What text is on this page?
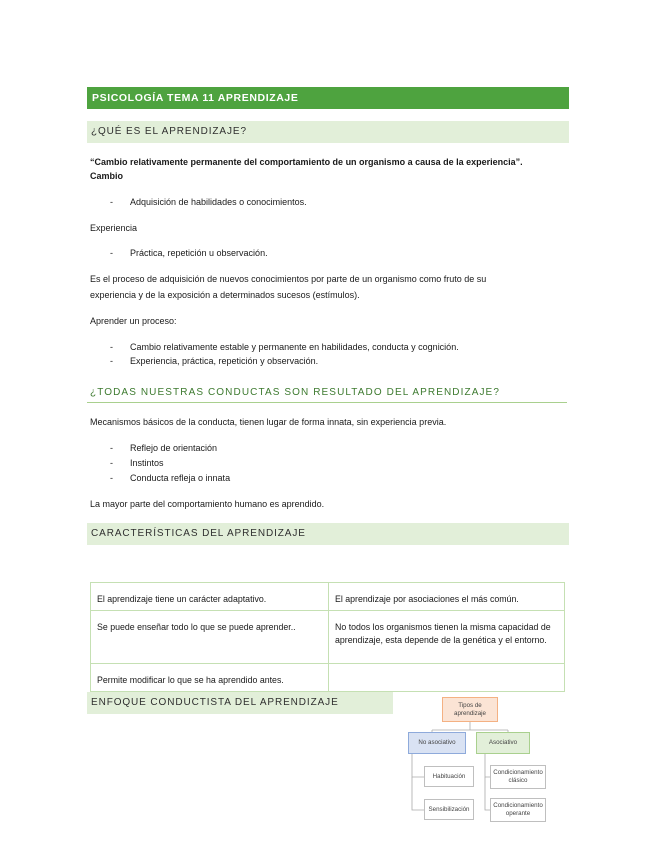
PSICOLOGÍA TEMA 11 APRENDIZAJE
¿QUÉ ES EL APRENDIZAJE?
“Cambio relativamente permanente del comportamiento de un organismo a causa de la experiencia”.
Cambio
- Adquisición de habilidades o conocimientos.
Experiencia
- Práctica, repetición u observación.
Es el proceso de adquisición de nuevos conocimientos por parte de un organismo como fruto de su
experiencia y de la exposición a determinados sucesos (estímulos).
Aprender un proceso:
- Cambio relativamente estable y permanente en habilidades, conducta y cognición.
- Experiencia, práctica, repetición y observación.
¿TODAS NUESTRAS CONDUCTAS SON RESULTADO DEL APRENDIZAJE?
Mecanismos básicos de la conducta, tienen lugar de forma innata, sin experiencia previa.
- Reflejo de orientación
- Instintos
- Conducta refleja o innata
La mayor parte del comportamiento humano es aprendido.
CARACTERÍSTICAS DEL APRENDIZAJE
El aprendizaje tiene un carácter adaptativo.	El aprendizaje por asociaciones el más común.
Se puede enseñar todo lo que se puede aprender..	No todos los organismos tienen la misma capacidad de aprendizaje, esta depende de la genética y el entorno.
Permite modificar lo que se ha aprendido antes.	
ENFOQUE CONDUCTISTA DEL APRENDIZAJE	Tipos de aprendizaje
No asociativo	Asociativo
Habituación
Sensibilización
Condicionamiento clásico
Condicionamiento operante
